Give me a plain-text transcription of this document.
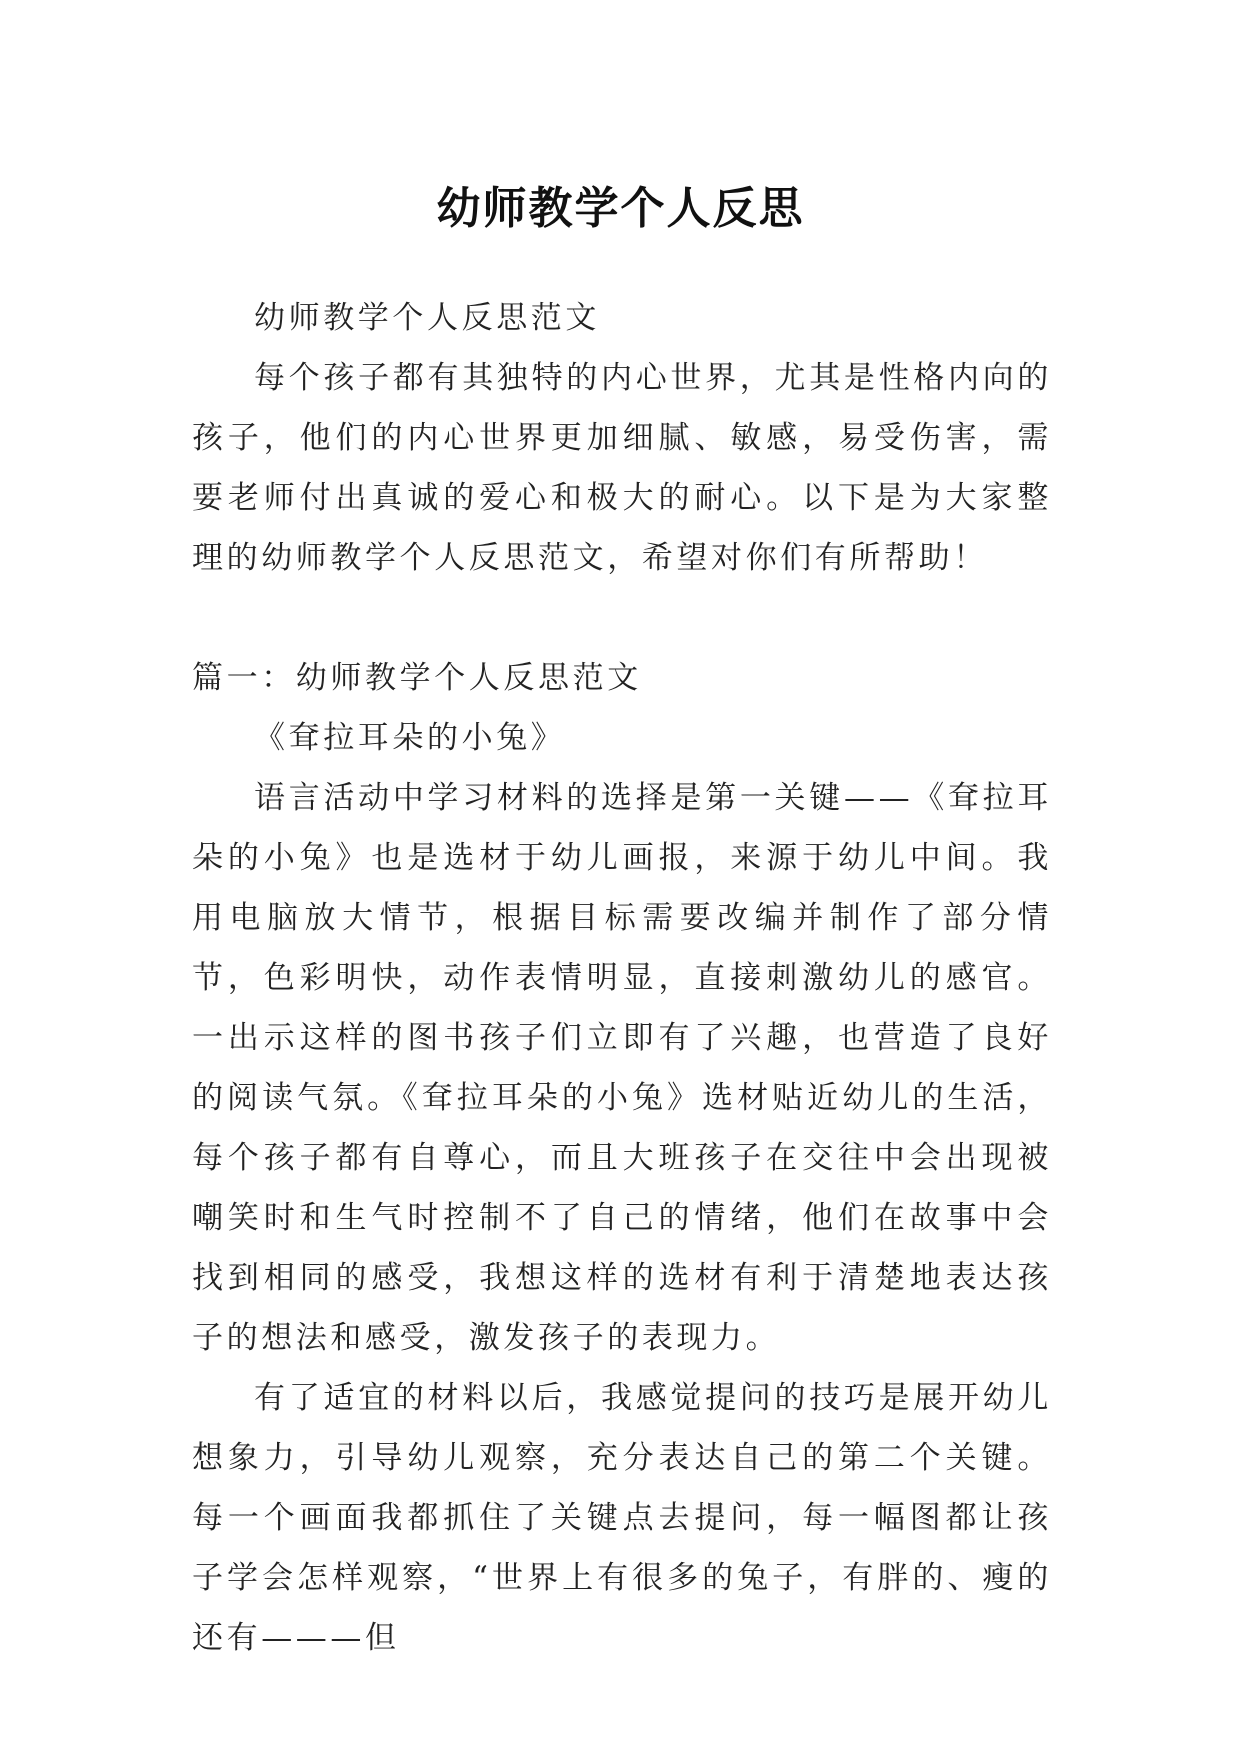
幼师教学个人反思

幼师教学个人反思范文

每个孩子都有其独特的内心世界，尤其是性格内向的孩子，他们的内心世界更加细腻、敏感，易受伤害，需要老师付出真诚的爱心和极大的耐心。以下是为大家整理的幼师教学个人反思范文，希望对你们有所帮助！

篇一：幼师教学个人反思范文

《耷拉耳朵的小兔》

语言活动中学习材料的选择是第一关键——《耷拉耳朵的小兔》也是选材于幼儿画报，来源于幼儿中间。我用电脑放大情节，根据目标需要改编并制作了部分情节，色彩明快，动作表情明显，直接刺激幼儿的感官。一出示这样的图书孩子们立即有了兴趣，也营造了良好的阅读气氛。《耷拉耳朵的小兔》选材贴近幼儿的生活，每个孩子都有自尊心，而且大班孩子在交往中会出现被嘲笑时和生气时控制不了自己的情绪，他们在故事中会找到相同的感受，我想这样的选材有利于清楚地表达孩子的想法和感受，激发孩子的表现力。

有了适宜的材料以后，我感觉提问的技巧是展开幼儿想象力，引导幼儿观察，充分表达自己的第二个关键。每一个画面我都抓住了关键点去提问，每一幅图都让孩子学会怎样观察，“世界上有很多的兔子，有胖的、瘦的还有———但
